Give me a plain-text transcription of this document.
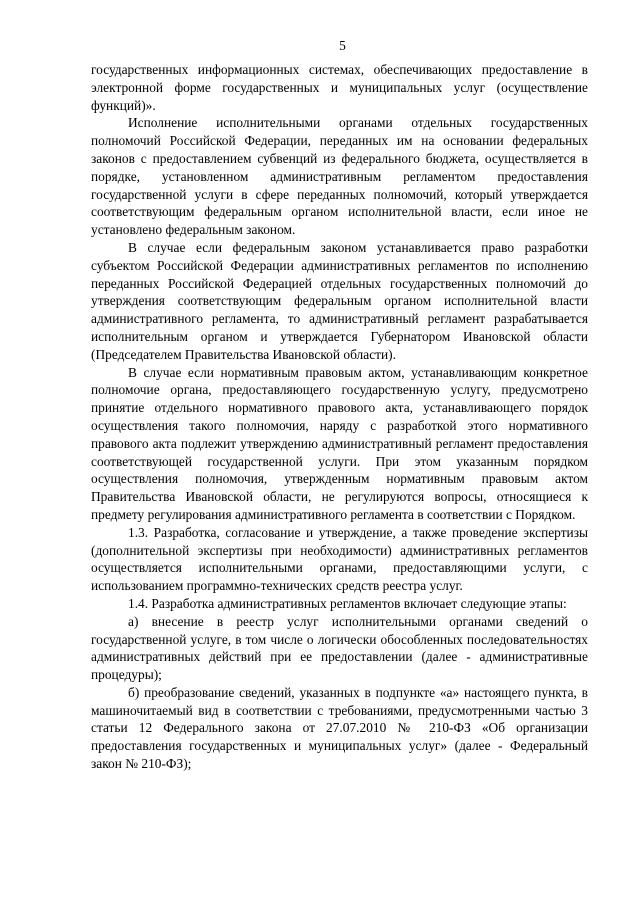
5

государственных информационных системах, обеспечивающих предоставление в электронной форме государственных и муниципальных услуг (осуществление функций)».

Исполнение исполнительными органами отдельных государственных полномочий Российской Федерации, переданных им на основании федеральных законов с предоставлением субвенций из федерального бюджета, осуществляется в порядке, установленном административным регламентом предоставления государственной услуги в сфере переданных полномочий, который утверждается соответствующим федеральным органом исполнительной власти, если иное не установлено федеральным законом.

В случае если федеральным законом устанавливается право разработки субъектом Российской Федерации административных регламентов по исполнению переданных Российской Федерацией отдельных государственных полномочий до утверждения соответствующим федеральным органом исполнительной власти административного регламента, то административный регламент разрабатывается исполнительным органом и утверждается Губернатором Ивановской области (Председателем Правительства Ивановской области).

В случае если нормативным правовым актом, устанавливающим конкретное полномочие органа, предоставляющего государственную услугу, предусмотрено принятие отдельного нормативного правового акта, устанавливающего порядок осуществления такого полномочия, наряду с разработкой этого нормативного правового акта подлежит утверждению административный регламент предоставления соответствующей государственной услуги. При этом указанным порядком осуществления полномочия, утвержденным нормативным правовым актом Правительства Ивановской области, не регулируются вопросы, относящиеся к предмету регулирования административного регламента в соответствии с Порядком.

1.3. Разработка, согласование и утверждение, а также проведение экспертизы (дополнительной экспертизы при необходимости) административных регламентов осуществляется исполнительными органами, предоставляющими услуги, с использованием программно-технических средств реестра услуг.

1.4. Разработка административных регламентов включает следующие этапы:

а) внесение в реестр услуг исполнительными органами сведений о государственной услуге, в том числе о логически обособленных последовательностях административных действий при ее предоставлении (далее - административные процедуры);

б) преобразование сведений, указанных в подпункте «а» настоящего пункта, в машиночитаемый вид в соответствии с требованиями, предусмотренными частью 3 статьи 12 Федерального закона от 27.07.2010 № 210-ФЗ «Об организации предоставления государственных и муниципальных услуг» (далее - Федеральный закон № 210-ФЗ);
